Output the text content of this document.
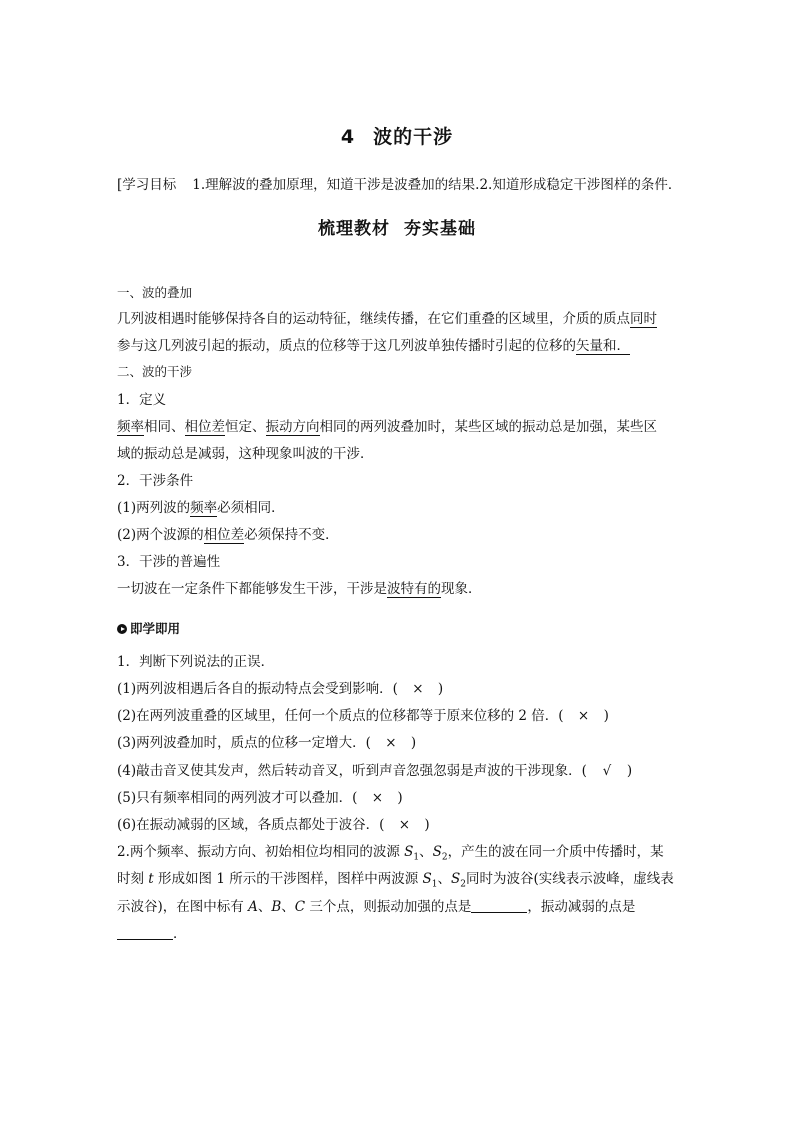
4 波的干涉
[学习目标 1.理解波的叠加原理，知道干涉是波叠加的结果.2.知道形成稳定干涉图样的条件．
梳理教材 夯实基础
一、波的叠加
几列波相遇时能够保持各自的运动特征，继续传播，在它们重叠的区域里，介质的质点同时
参与这几列波引起的振动，质点的位移等于这几列波单独传播时引起的位移的矢量和．
二、波的干涉
1．定义
频率相同、相位差恒定、振动方向相同的两列波叠加时，某些区域的振动总是加强，某些区
域的振动总是减弱，这种现象叫波的干涉．
2．干涉条件
(1)两列波的频率必须相同．
(2)两个波源的相位差必须保持不变．
3．干涉的普遍性
一切波在一定条件下都能够发生干涉，干涉是波特有的现象．
即学即用
1．判断下列说法的正误．
(1)两列波相遇后各自的振动特点会受到影响．( × )
(2)在两列波重叠的区域里，任何一个质点的位移都等于原来位移的 2 倍．( × )
(3)两列波叠加时，质点的位移一定增大．( × )
(4)敲击音叉使其发声，然后转动音叉，听到声音忽强忽弱是声波的干涉现象．( √ )
(5)只有频率相同的两列波才可以叠加．( × )
(6)在振动减弱的区域，各质点都处于波谷．( × )
2.两个频率、振动方向、初始相位均相同的波源 $S_1$、$S_2$，产生的波在同一介质中传播时，某
时刻 t 形成如图 1 所示的干涉图样，图样中两波源 $S_1$、$S_2$同时为波谷(实线表示波峰，虚线表
示波谷)，在图中标有 A、B、C 三个点，则振动加强的点是	，振动减弱的点是
．
